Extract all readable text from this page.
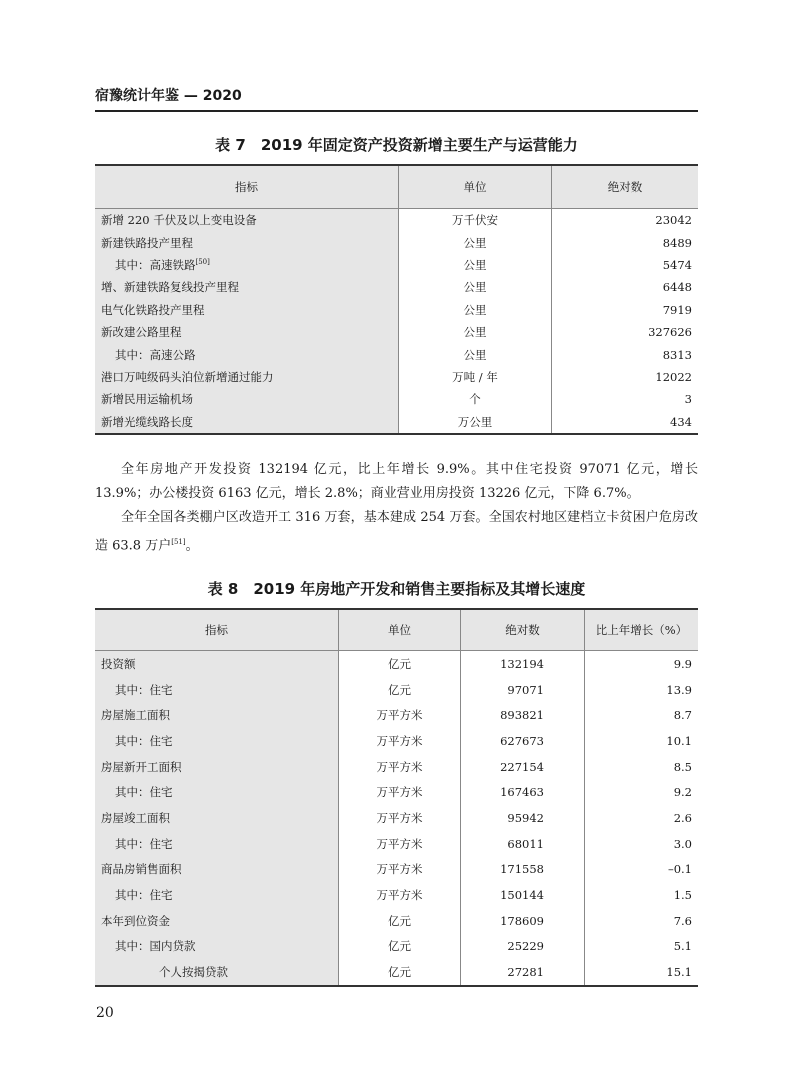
宿豫统计年鉴 — 2020
表 7　2019 年固定资产投资新增主要生产与运营能力
指标	单位	绝对数
新增 220 千伏及以上变电设备	万千伏安	23042
新建铁路投产里程	公里	8489
其中：高速铁路[50]	公里	5474
增、新建铁路复线投产里程	公里	6448
电气化铁路投产里程	公里	7919
新改建公路里程	公里	327626
其中：高速公路	公里	8313
港口万吨级码头泊位新增通过能力	万吨 / 年	12022
新增民用运输机场	个	3
新增光缆线路长度	万公里	434
全年房地产开发投资 132194 亿元，比上年增长 9.9%。其中住宅投资 97071 亿元，增长 13.9%；办公楼投资 6163 亿元，增长 2.8%；商业营业用房投资 13226 亿元，下降 6.7%。
全年全国各类棚户区改造开工 316 万套，基本建成 254 万套。全国农村地区建档立卡贫困户危房改造 63.8 万户[51]。
表 8　2019 年房地产开发和销售主要指标及其增长速度
指标	单位	绝对数	比上年增长（%）
投资额	亿元	132194	9.9
其中：住宅	亿元	97071	13.9
房屋施工面积	万平方米	893821	8.7
其中：住宅	万平方米	627673	10.1
房屋新开工面积	万平方米	227154	8.5
其中：住宅	万平方米	167463	9.2
房屋竣工面积	万平方米	95942	2.6
其中：住宅	万平方米	68011	3.0
商品房销售面积	万平方米	171558	–0.1
其中：住宅	万平方米	150144	1.5
本年到位资金	亿元	178609	7.6
其中：国内贷款	亿元	25229	5.1
个人按揭贷款	亿元	27281	15.1
20
